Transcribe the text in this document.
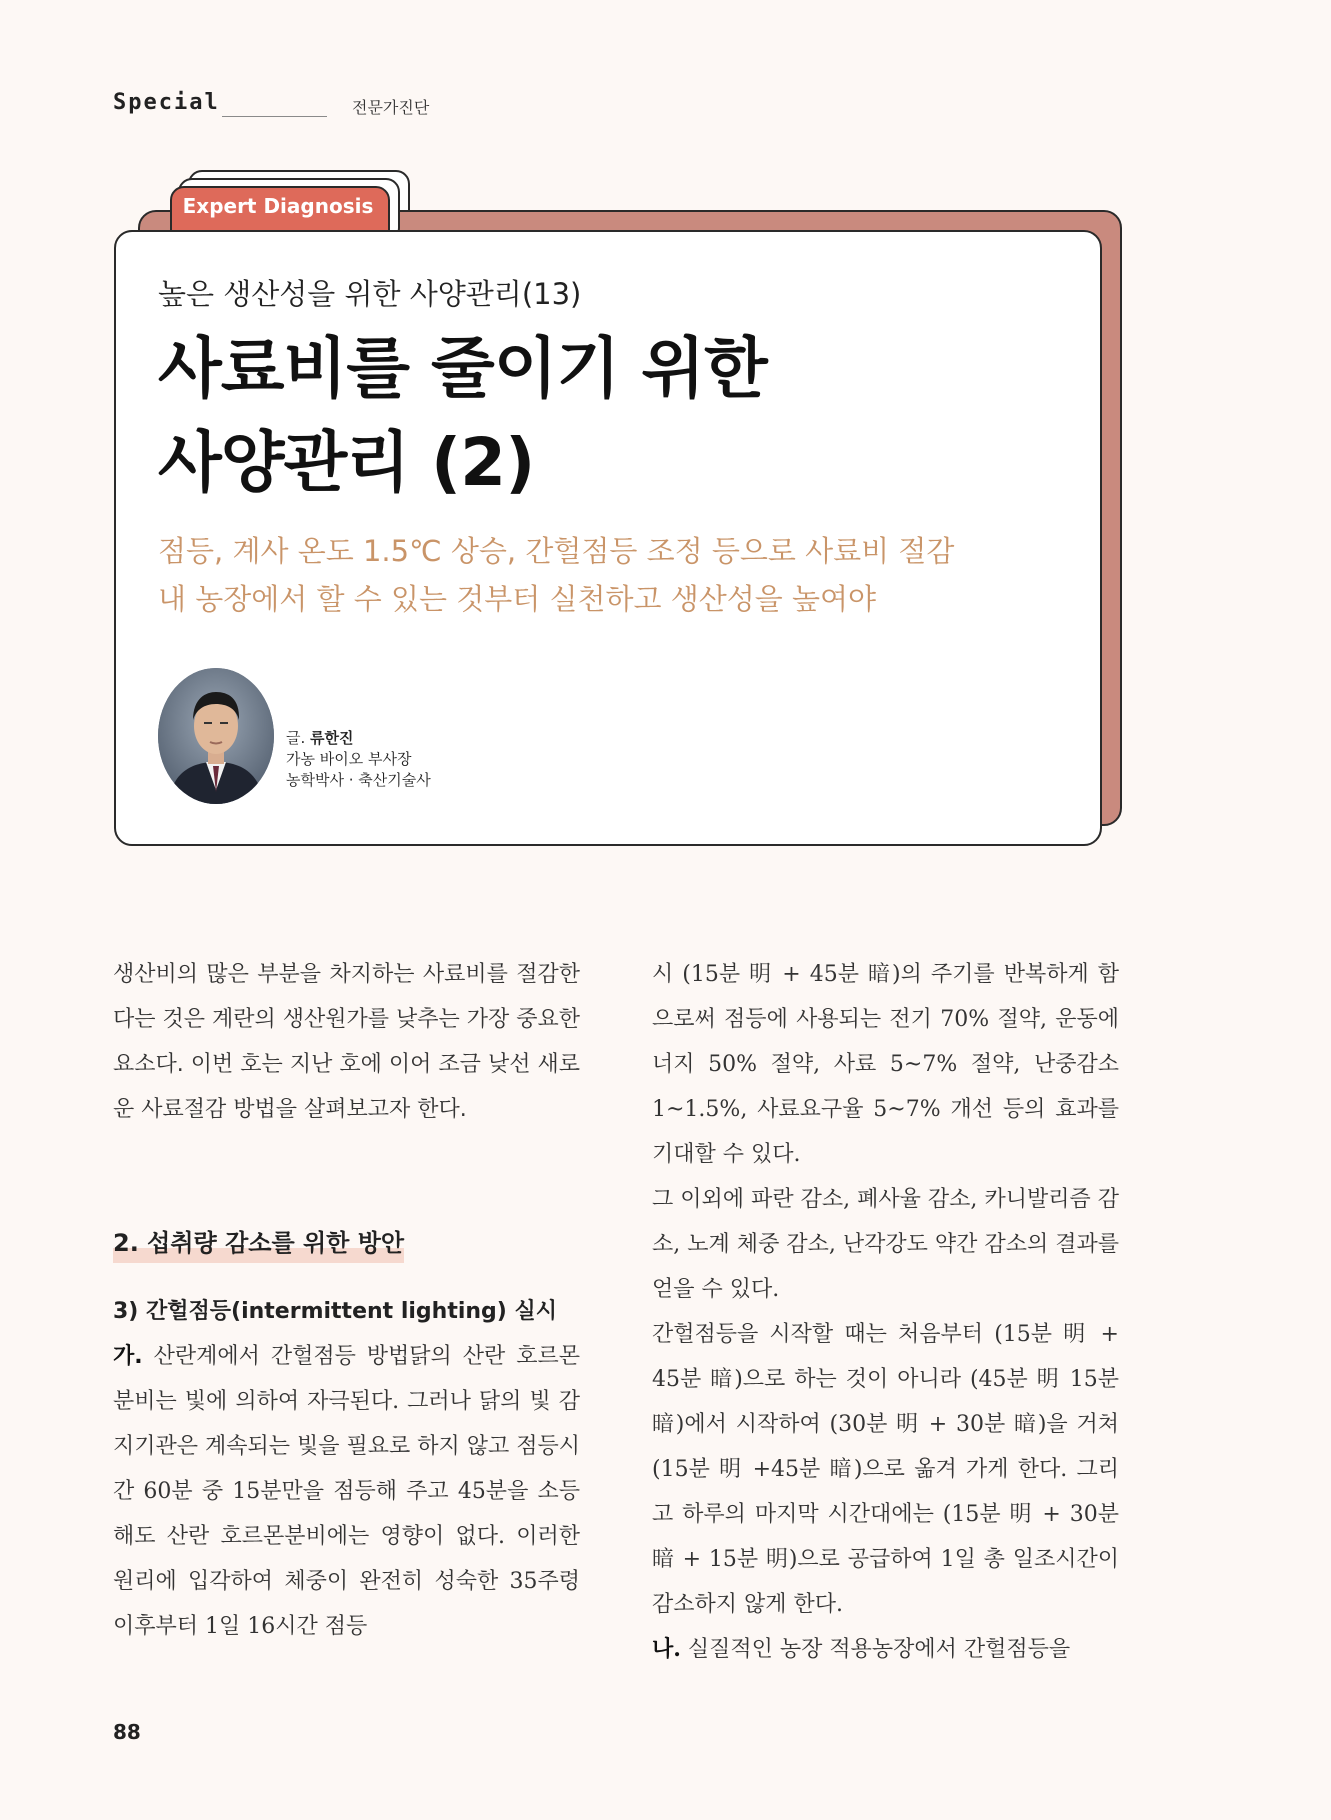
Special	전문가진단
Expert Diagnosis
높은 생산성을 위한 사양관리(13)
사료비를 줄이기 위한
사양관리 (2)
점등, 계사 온도 1.5℃ 상승, 간헐점등 조정 등으로 사료비 절감
내 농장에서 할 수 있는 것부터 실천하고 생산성을 높여야
글. 류한진
가농 바이오 부사장
농학박사 · 축산기술사

생산비의 많은 부분을 차지하는 사료비를 절감한다는 것은 계란의 생산원가를 낮추는 가장 중요한 요소다. 이번 호는 지난 호에 이어 조금 낮선 새로운 사료절감 방법을 살펴보고자 한다.

2. 섭취량 감소를 위한 방안

3) 간헐점등(intermittent lighting) 실시

가. 산란계에서 간헐점등 방법닭의 산란 호르몬 분비는 빛에 의하여 자극된다. 그러나 닭의 빛 감지기관은 계속되는 빛을 필요로 하지 않고 점등시간 60분 중 15분만을 점등해 주고 45분을 소등해도 산란 호르몬분비에는 영향이 없다. 이러한 원리에 입각하여 체중이 완전히 성숙한 35주령 이후부터 1일 16시간 점등

시 (15분 明 + 45분 暗)의 주기를 반복하게 함으로써 점등에 사용되는 전기 70% 절약, 운동에너지 50% 절약, 사료 5~7% 절약, 난중감소 1~1.5%, 사료요구율 5~7% 개선 등의 효과를 기대할 수 있다.

그 이외에 파란 감소, 폐사율 감소, 카니발리즘 감소, 노계 체중 감소, 난각강도 약간 감소의 결과를 얻을 수 있다.

간헐점등을 시작할 때는 처음부터 (15분 明 + 45분 暗)으로 하는 것이 아니라 (45분 明 15분 暗)에서 시작하여 (30분 明 + 30분 暗)을 거쳐 (15분 明 +45분 暗)으로 옮겨 가게 한다. 그리고 하루의 마지막 시간대에는 (15분 明 + 30분 暗 + 15분 明)으로 공급하여 1일 총 일조시간이 감소하지 않게 한다.

나. 실질적인 농장 적용농장에서 간헐점등을

88
